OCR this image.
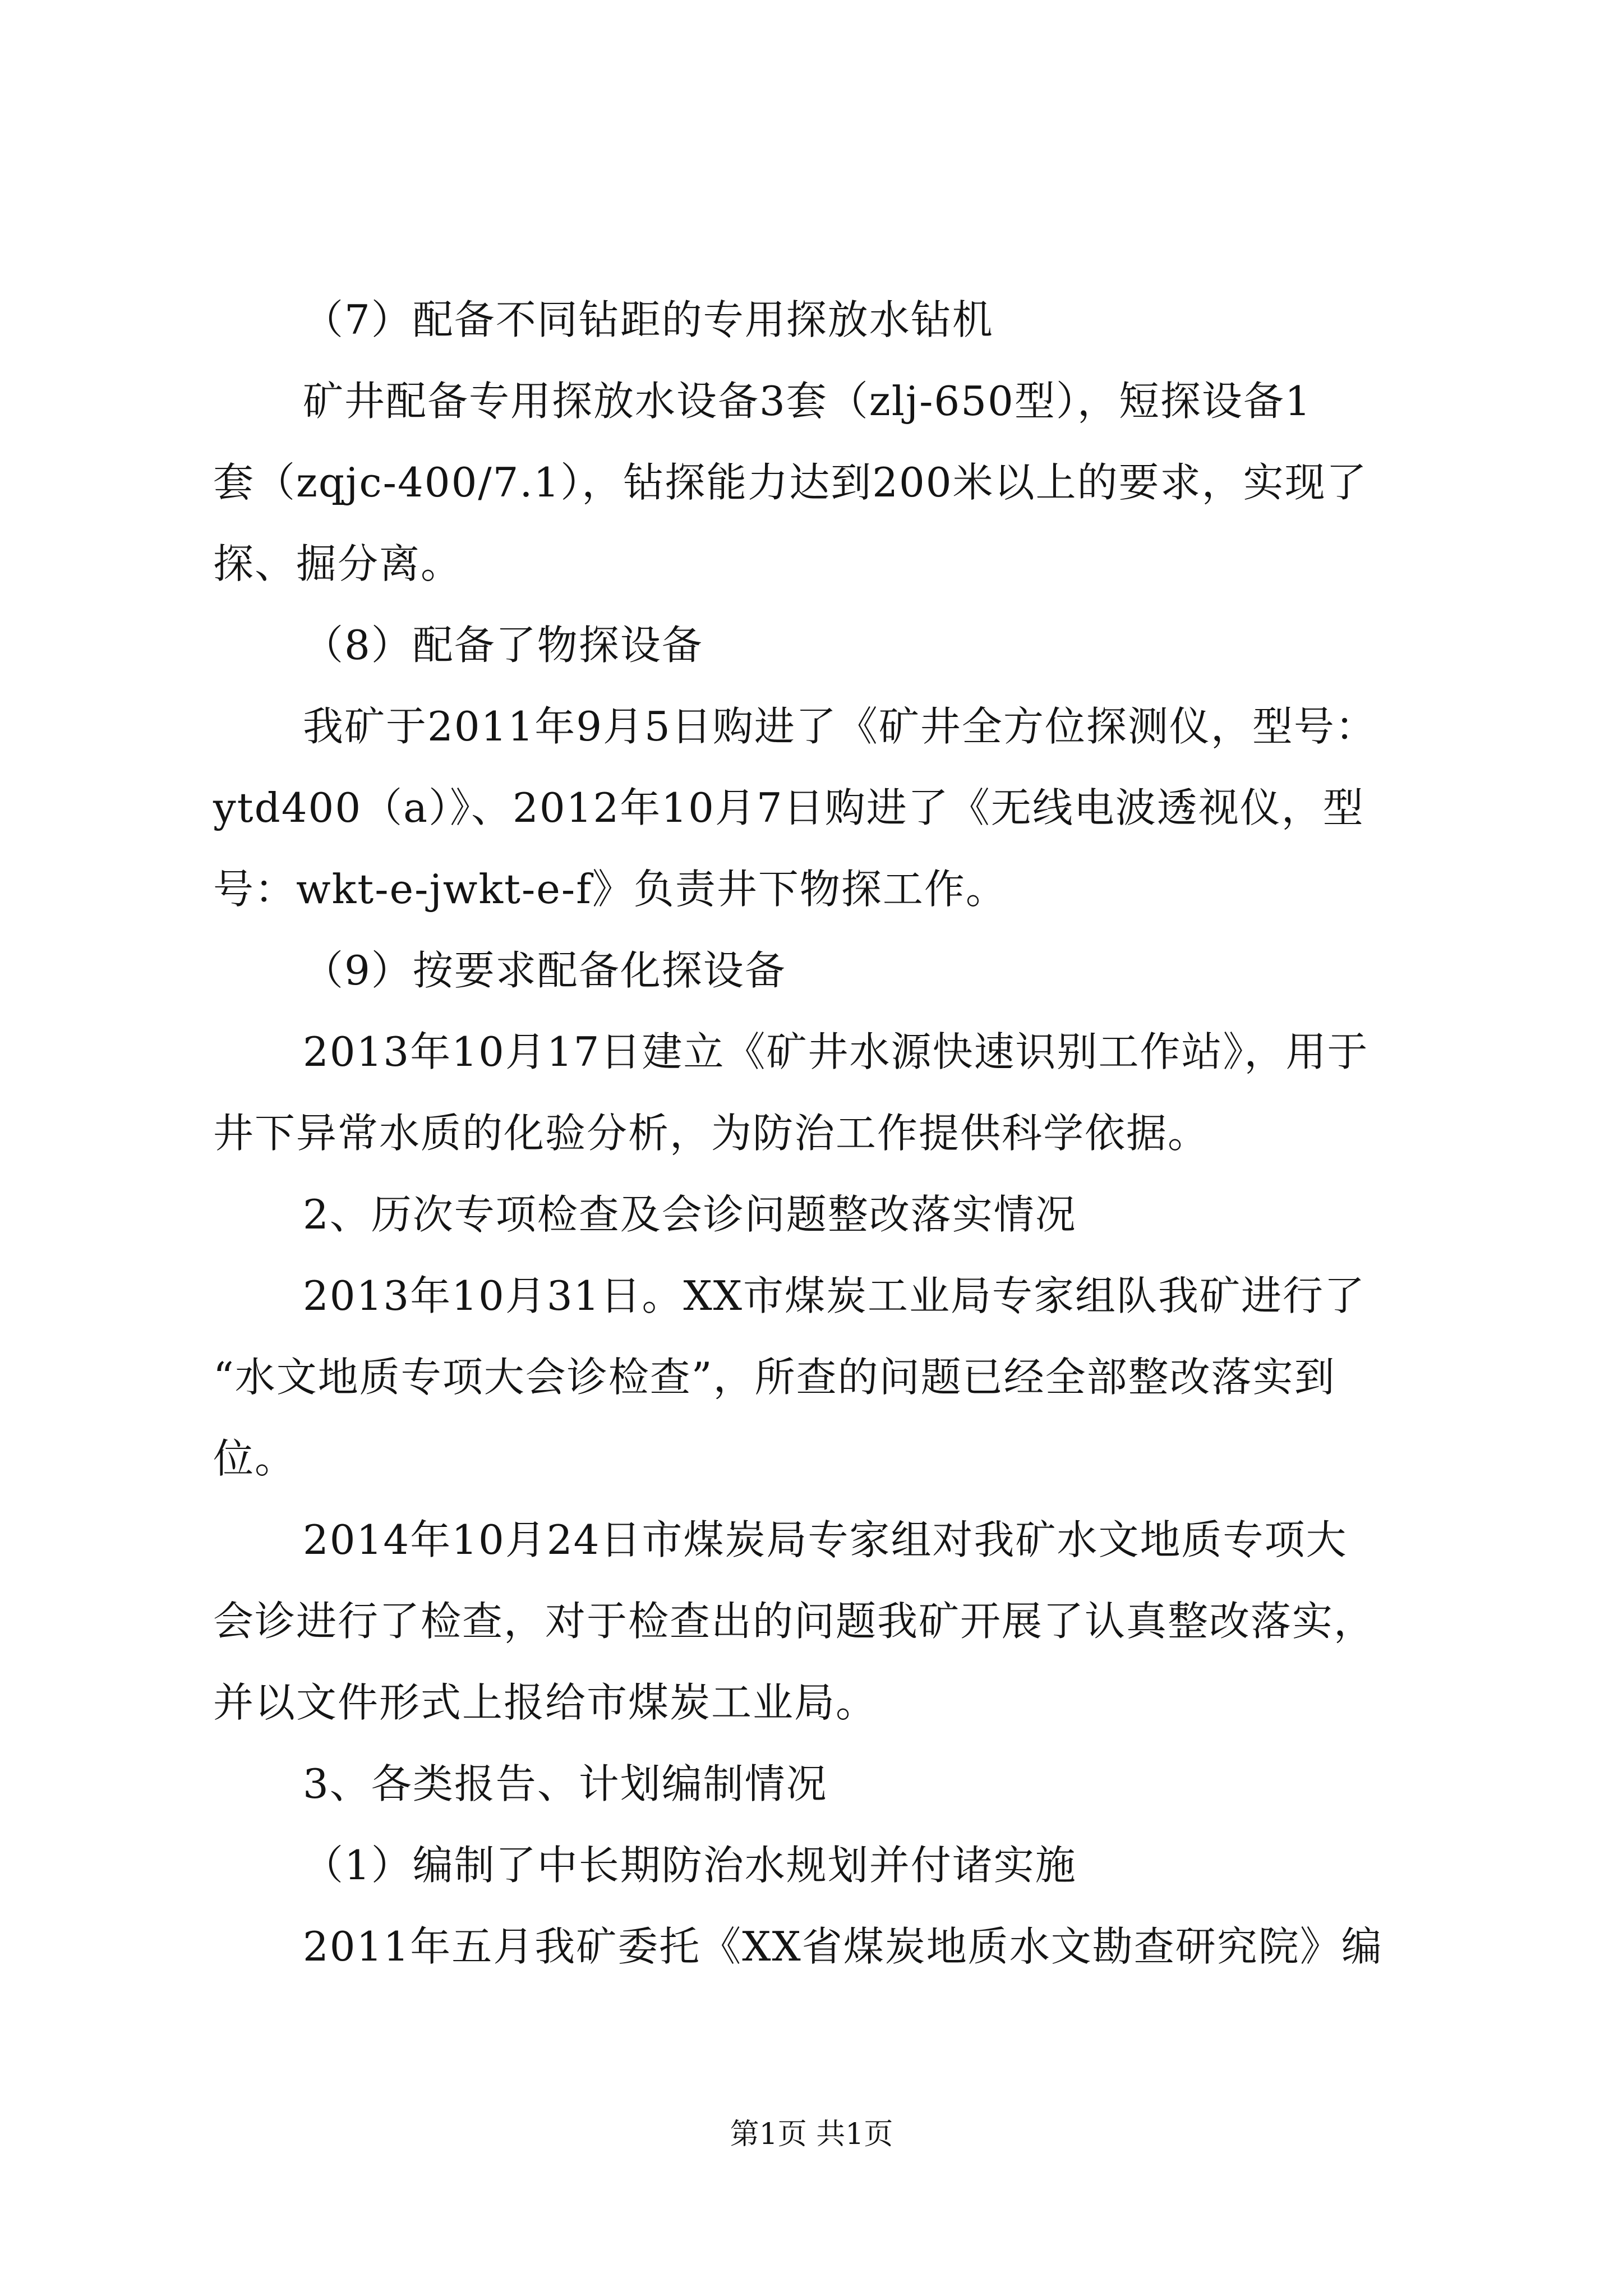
（7）配备不同钻距的专用探放水钻机
矿井配备专用探放水设备3套（zlj-650型），短探设备1
套（zqjc-400/7.1），钻探能力达到200米以上的要求，实现了
探、掘分离。
（8）配备了物探设备
我矿于2011年9月5日购进了《矿井全方位探测仪，型号：
ytd400（a）》、2012年10月7日购进了《无线电波透视仪，型
号：wkt-e-jwkt-e-f》负责井下物探工作。
（9）按要求配备化探设备
2013年10月17日建立《矿井水源快速识别工作站》，用于
井下异常水质的化验分析，为防治工作提供科学依据。
2、历次专项检查及会诊问题整改落实情况
2013年10月31日。XX市煤炭工业局专家组队我矿进行了
“水文地质专项大会诊检查”，所查的问题已经全部整改落实到
位。
2014年10月24日市煤炭局专家组对我矿水文地质专项大
会诊进行了检查，对于检查出的问题我矿开展了认真整改落实，
并以文件形式上报给市煤炭工业局。
3、各类报告、计划编制情况
（1）编制了中长期防治水规划并付诸实施
2011年五月我矿委托《XX省煤炭地质水文勘查研究院》编
第1页 共1页
